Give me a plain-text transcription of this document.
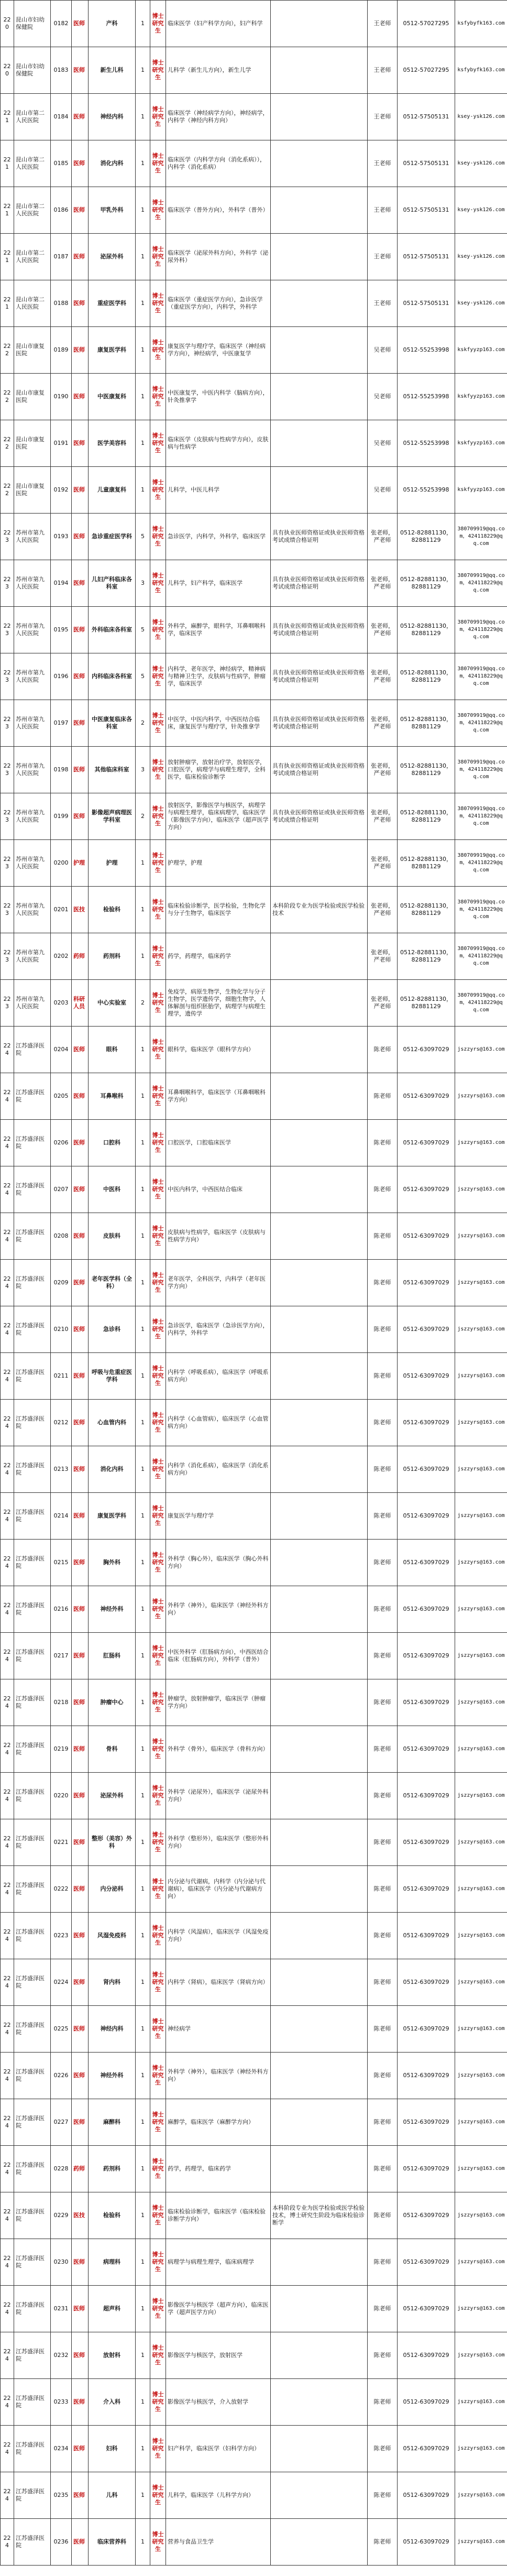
220	昆山市妇幼保健院	0182	医师	产科	1	博士研究生	临床医学（妇产科学方向），妇产科学		王老师	0512-57027295	ksfybyfk163.com
220	昆山市妇幼保健院	0183	医师	新生儿科	1	博士研究生	儿科学（新生儿方向），新生儿学		王老师	0512-57027295	ksfybyfk163.com
221	昆山市第二人民医院	0184	医师	神经内科	1	博士研究生	临床医学（神经病学方向），神经病学，内科学（神经内科方向）		王老师	0512-57505131	ksey-ysk126.com
221	昆山市第二人民医院	0185	医师	消化内科	1	博士研究生	临床医学（内科学方向（消化系病）），内科学（消化系病）		王老师	0512-57505131	ksey-ysk126.com
221	昆山市第二人民医院	0186	医师	甲乳外科	1	博士研究生	临床医学（普外方向），外科学（普外）		王老师	0512-57505131	ksey-ysk126.com
221	昆山市第二人民医院	0187	医师	泌尿外科	1	博士研究生	临床医学（泌尿外科方向），外科学（泌尿外科）		王老师	0512-57505131	ksey-ysk126.com
221	昆山市第二人民医院	0188	医师	重症医学科	1	博士研究生	临床医学（重症医学方向），急诊医学（重症医学方向），内科学，外科学		王老师	0512-57505131	ksey-ysk126.com
222	昆山市康复医院	0189	医师	康复医学科	1	博士研究生	康复医学与理疗学，临床医学（神经病学方向），神经病学，中医康复学		吴老师	0512-55253998	kskfyyzp163.com
222	昆山市康复医院	0190	医师	中医康复科	1	博士研究生	中医康复学，中医内科学（脑病方向），针灸推拿学		吴老师	0512-55253998	kskfyyzp163.com
222	昆山市康复医院	0191	医师	医学美容科	1	博士研究生	临床医学（皮肤病与性病学方向），皮肤病与性病学		吴老师	0512-55253998	kskfyyzp163.com
222	昆山市康复医院	0192	医师	儿童康复科	1	博士研究生	儿科学，中医儿科学		吴老师	0512-55253998	kskfyyzp163.com
223	苏州市第九人民医院	0193	医师	急诊重症医学科	5	博士研究生	急诊医学，内科学，外科学，临床医学	具有执业医师资格证或执业医师资格考试成绩合格证明	张老师，严老师	0512-82881130，82881129	380709919@qq.com，424118229@qq.com
223	苏州市第九人民医院	0194	医师	儿妇产科临床各科室	3	博士研究生	儿科学，妇产科学，临床医学	具有执业医师资格证或执业医师资格考试成绩合格证明	张老师，严老师	0512-82881130，82881129	380709919@qq.com，424118229@qq.com
223	苏州市第九人民医院	0195	医师	外科临床各科室	5	博士研究生	外科学，麻醉学，眼科学，耳鼻咽喉科学，临床医学	具有执业医师资格证或执业医师资格考试成绩合格证明	张老师，严老师	0512-82881130，82881129	380709919@qq.com，424118229@qq.com
223	苏州市第九人民医院	0196	医师	内科临床各科室	5	博士研究生	内科学，老年医学，神经病学，精神病与精神卫生学，皮肤病与性病学，肿瘤学，临床医学	具有执业医师资格证或执业医师资格考试成绩合格证明	张老师，严老师	0512-82881130，82881129	380709919@qq.com，424118229@qq.com
223	苏州市第九人民医院	0197	医师	中医康复临床各科室	2	博士研究生	中医学，中医内科学，中西医结合临床，康复医学与理疗学，针灸推拿学	具有执业医师资格证或执业医师资格考试成绩合格证明	张老师，严老师	0512-82881130，82881129	380709919@qq.com，424118229@qq.com
223	苏州市第九人民医院	0198	医师	其他临床科室	3	博士研究生	放射肿瘤学，放射治疗学，放射医学，口腔医学，病理学与病理生理学，全科医学，临床检验诊断学	具有执业医师资格证或执业医师资格考试成绩合格证明	张老师，严老师	0512-82881130，82881129	380709919@qq.com，424118229@qq.com
223	苏州市第九人民医院	0199	医师	影像超声病理医学科室	2	博士研究生	放射医学，影像医学与核医学，病理学与病理生理学，临床病理学，临床医学（影像医学方向），临床医学（超声医学方向）	具有执业医师资格证或执业医师资格考试成绩合格证明	张老师，严老师	0512-82881130，82881129	380709919@qq.com，424118229@qq.com
223	苏州市第九人民医院	0200	护理	护理	1	博士研究生	护理学，护理		张老师，严老师	0512-82881130，82881129	380709919@qq.com，424118229@qq.com
223	苏州市第九人民医院	0201	医技	检验科	1	博士研究生	临床检验诊断学，医学检验，生物化学与分子生物学，临床医学	本科阶段专业为医学检验或医学检验技术	张老师，严老师	0512-82881130，82881129	380709919@qq.com，424118229@qq.com
223	苏州市第九人民医院	0202	药师	药剂科	1	博士研究生	药学，药理学，临床药学		张老师，严老师	0512-82881130，82881129	380709919@qq.com，424118229@qq.com
223	苏州市第九人民医院	0203	科研人员	中心实验室	2	博士研究生	免疫学，病原生物学，生物化学与分子生物学，医学遗传学，细胞生物学，人体解剖与组织胚胎学，病理学与病理生理学，遗传学		张老师，严老师	0512-82881130，82881129	380709919@qq.com，424118229@qq.com
224	江苏盛泽医院	0204	医师	眼科	1	博士研究生	眼科学，临床医学（眼科学方向）		陈老师	0512-63097029	jszzyrs@163.com
224	江苏盛泽医院	0205	医师	耳鼻喉科	1	博士研究生	耳鼻咽喉科学，临床医学（耳鼻咽喉科学方向）		陈老师	0512-63097029	jszzyrs@163.com
224	江苏盛泽医院	0206	医师	口腔科	1	博士研究生	口腔医学，口腔临床医学		陈老师	0512-63097029	jszzyrs@163.com
224	江苏盛泽医院	0207	医师	中医科	1	博士研究生	中医内科学，中西医结合临床		陈老师	0512-63097029	jszzyrs@163.com
224	江苏盛泽医院	0208	医师	皮肤科	1	博士研究生	皮肤病与性病学，临床医学（皮肤病与性病学方向）		陈老师	0512-63097029	jszzyrs@163.com
224	江苏盛泽医院	0209	医师	老年医学科（全科）	1	博士研究生	老年医学，全科医学，内科学（老年医学方向）		陈老师	0512-63097029	jszzyrs@163.com
224	江苏盛泽医院	0210	医师	急诊科	1	博士研究生	急诊医学，临床医学（急诊医学方向），内科学，外科学		陈老师	0512-63097029	jszzyrs@163.com
224	江苏盛泽医院	0211	医师	呼吸与危重症医学科	1	博士研究生	内科学（呼吸系病），临床医学（呼吸系病方向）		陈老师	0512-63097029	jszzyrs@163.com
224	江苏盛泽医院	0212	医师	心血管内科	1	博士研究生	内科学（心血管病），临床医学（心血管病方向）		陈老师	0512-63097029	jszzyrs@163.com
224	江苏盛泽医院	0213	医师	消化内科	1	博士研究生	内科学（消化系病），临床医学（消化系病方向）		陈老师	0512-63097029	jszzyrs@163.com
224	江苏盛泽医院	0214	医师	康复医学科	1	博士研究生	康复医学与理疗学		陈老师	0512-63097029	jszzyrs@163.com
224	江苏盛泽医院	0215	医师	胸外科	1	博士研究生	外科学（胸心外），临床医学（胸心外科方向）		陈老师	0512-63097029	jszzyrs@163.com
224	江苏盛泽医院	0216	医师	神经外科	1	博士研究生	外科学（神外），临床医学（神经外科方向）		陈老师	0512-63097029	jszzyrs@163.com
224	江苏盛泽医院	0217	医师	肛肠科	1	博士研究生	中医外科学（肛肠病方向），中西医结合临床（肛肠病方向），外科学（普外）		陈老师	0512-63097029	jszzyrs@163.com
224	江苏盛泽医院	0218	医师	肿瘤中心	1	博士研究生	肿瘤学，放射肿瘤学，临床医学（肿瘤学方向）		陈老师	0512-63097029	jszzyrs@163.com
224	江苏盛泽医院	0219	医师	骨科	1	博士研究生	外科学（骨外），临床医学（骨科方向）		陈老师	0512-63097029	jszzyrs@163.com
224	江苏盛泽医院	0220	医师	泌尿外科	1	博士研究生	外科学（泌尿外），临床医学（泌尿外科方向）		陈老师	0512-63097029	jszzyrs@163.com
224	江苏盛泽医院	0221	医师	整形（美容）外科	1	博士研究生	外科学（整形外），临床医学（整形外科方向）		陈老师	0512-63097029	jszzyrs@163.com
224	江苏盛泽医院	0222	医师	内分泌科	1	博士研究生	内分泌与代谢病，内科学（内分泌与代谢病），临床医学（内分泌与代谢病方向）		陈老师	0512-63097029	jszzyrs@163.com
224	江苏盛泽医院	0223	医师	风湿免疫科	1	博士研究生	内科学（风湿病），临床医学（风湿免疫方向）		陈老师	0512-63097029	jszzyrs@163.com
224	江苏盛泽医院	0224	医师	肾内科	1	博士研究生	内科学（肾病），临床医学（肾病方向）		陈老师	0512-63097029	jszzyrs@163.com
224	江苏盛泽医院	0225	医师	神经内科	1	博士研究生	神经病学		陈老师	0512-63097029	jszzyrs@163.com
224	江苏盛泽医院	0226	医师	神经外科	1	博士研究生	外科学（神外），临床医学（神经外科方向）		陈老师	0512-63097029	jszzyrs@163.com
224	江苏盛泽医院	0227	医师	麻醉科	1	博士研究生	麻醉学，临床医学（麻醉学方向）		陈老师	0512-63097029	jszzyrs@163.com
224	江苏盛泽医院	0228	药师	药剂科	1	博士研究生	药学，药理学，临床药学		陈老师	0512-63097029	jszzyrs@163.com
224	江苏盛泽医院	0229	医技	检验科	1	博士研究生	临床检验诊断学，临床医学（临床检验诊断学方向）	本科阶段专业为医学检验或医学检验技术，博士研究生阶段为临床检验诊断学	陈老师	0512-63097029	jszzyrs@163.com
224	江苏盛泽医院	0230	医师	病理科	1	博士研究生	病理学与病理生理学，临床病理学		陈老师	0512-63097029	jszzyrs@163.com
224	江苏盛泽医院	0231	医师	超声科	1	博士研究生	影像医学与核医学（超声方向），临床医学（超声医学方向）		陈老师	0512-63097029	jszzyrs@163.com
224	江苏盛泽医院	0232	医师	放射科	1	博士研究生	影像医学与核医学，放射医学		陈老师	0512-63097029	jszzyrs@163.com
224	江苏盛泽医院	0233	医师	介入科	1	博士研究生	影像医学与核医学，介入放射学		陈老师	0512-63097029	jszzyrs@163.com
224	江苏盛泽医院	0234	医师	妇科	1	博士研究生	妇产科学，临床医学（妇科学方向）		陈老师	0512-63097029	jszzyrs@163.com
224	江苏盛泽医院	0235	医师	儿科	1	博士研究生	儿科学，临床医学（儿科学方向）		陈老师	0512-63097029	jszzyrs@163.com
224	江苏盛泽医院	0236	医师	临床营养科	1	博士研究生	营养与食品卫生学		陈老师	0512-63097029	jszzyrs@163.com
